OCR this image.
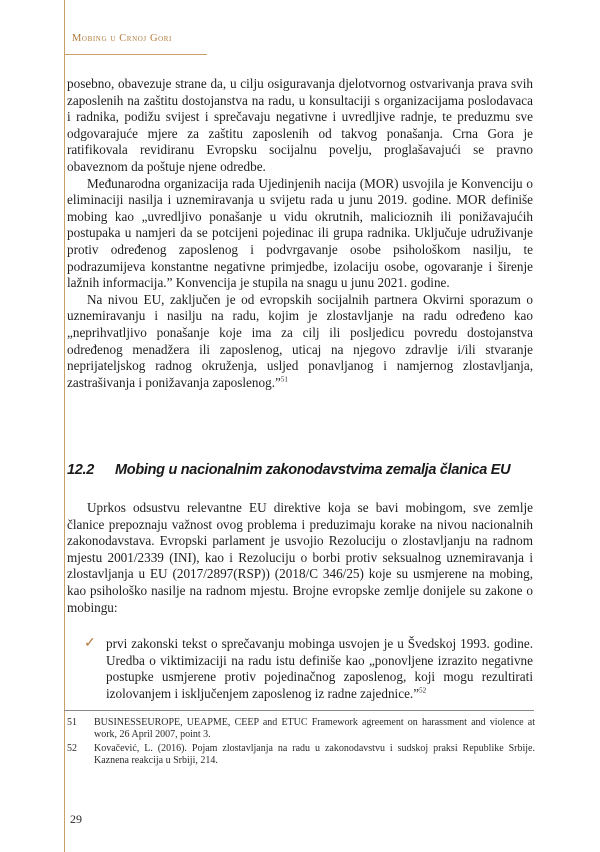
Mobing u Crnoj Gori

posebno, obavezuje strane da, u cilju osiguravanja djelotvornog ostvarivanja prava svih zaposlenih na zaštitu dostojanstva na radu, u konsultaciji s organizacijama poslodavaca i radnika, podižu svijest i sprečavaju negativne i uvredljive radnje, te preduzmu sve odgovarajuće mjere za zaštitu zaposlenih od takvog ponašanja. Crna Gora je ratifikovala revidiranu Evropsku socijalnu povelju, proglašavajući se pravno obaveznom da poštuje njene odredbe.

Međunarodna organizacija rada Ujedinjenih nacija (MOR) usvojila je Konvenciju o eliminaciji nasilja i uznemiravanja u svijetu rada u junu 2019. godine. MOR definiše mobing kao „uvredljivo ponašanje u vidu okrutnih, malicioznih ili ponižavajućih postupaka u namjeri da se potcijeni pojedinac ili grupa radnika. Uključuje udruživanje protiv određenog zaposlenog i podvrgavanje osobe psihološkom nasilju, te podrazumijeva konstantne negativne primjedbe, izolaciju osobe, ogovaranje i širenje lažnih informacija.” Konvencija je stupila na snagu u junu 2021. godine.

Na nivou EU, zaključen je od evropskih socijalnih partnera Okvirni sporazum o uznemiravanju i nasilju na radu, kojim je zlostavljanje na radu određeno kao „neprihvatljivo ponašanje koje ima za cilj ili posljedicu povredu dostojanstva određenog menadžera ili zaposlenog, uticaj na njegovo zdravlje i/ili stvaranje neprijateljskog radnog okruženja, usljed ponavljanog i namjernog zlostavljanja, zastrašivanja i ponižavanja zaposlenog.”$^{51}$

12.2 Mobing u nacionalnim zakonodavstvima zemalja članica EU

Uprkos odsustvu relevantne EU direktive koja se bavi mobingom, sve zemlje članice prepoznaju važnost ovog problema i preduzimaju korake na nivou nacionalnih zakonodavstava. Evropski parlament je usvojio Rezoluciju o zlostavljanju na radnom mjestu 2001/2339 (INI), kao i Rezoluciju o borbi protiv seksualnog uznemiravanja i zlostavljanja u EU (2017/2897(RSP)) (2018/C 346/25) koje su usmjerene na mobing, kao psihološko nasilje na radnom mjestu. Brojne evropske zemlje donijele su zakone o mobingu:

✓ prvi zakonski tekst o sprečavanju mobinga usvojen je u Švedskoj 1993. godine. Uredba o viktimizaciji na radu istu definiše kao „ponovljene izrazito negativne postupke usmjerene protiv pojedinačnog zaposlenog, koji mogu rezultirati izolovanjem i isključenjem zaposlenog iz radne zajednice.”$^{52}$
51 BUSINESSEUROPE, UEAPME, CEEP and ETUC Framework agreement on harassment and violence at work, 26 April 2007, point 3.
52 Kovačević, L. (2016). Pojam zlostavljanja na radu u zakonodavstvu i sudskoj praksi Republike Srbije. Kaznena reakcija u Srbiji, 214.
29
